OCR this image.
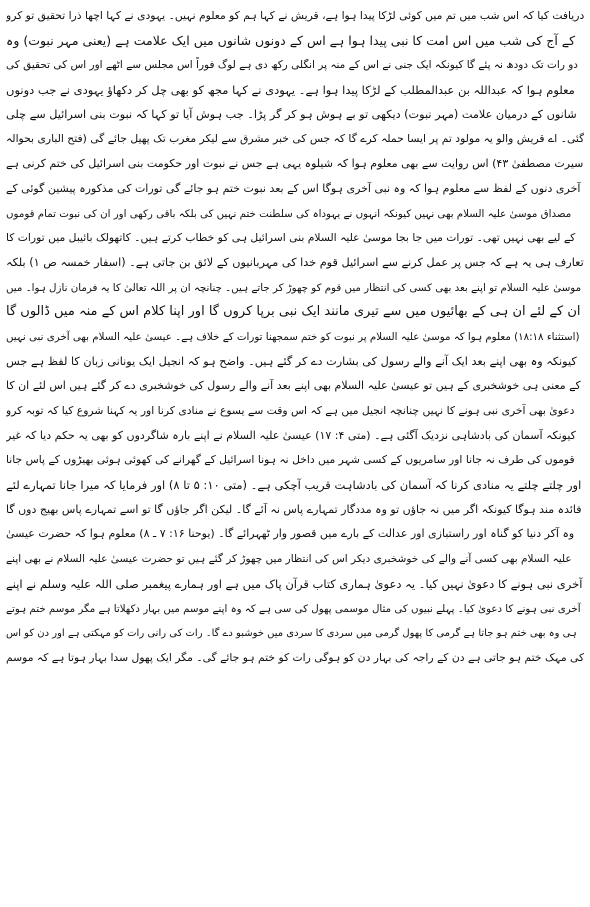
دریافت کیا کہ اس شب میں تم میں کوئی لڑکا پیدا ہوا ہے، قریش نے کہا ہم کو معلوم نہیں۔ یہودی نے کہا اچھا ذرا تحقیق تو کرو
کے آج کی شب میں اس امت کا نبی پیدا ہوا ہے اس کے دونوں شانوں میں ایک علامت ہے (یعنی مہر نبوت) وہ
دو رات تک دودھ نہ پئے گا کیونکہ ایک جنی نے اس کے منہ پر انگلی رکھ دی ہے لوگ فوراً اس مجلس سے اٹھے اور اس کی تحقیق کی
معلوم ہوا کہ عبداللہ بن عبدالمطلب کے لڑکا پیدا ہوا ہے۔ یہودی نے کہا مجھ کو بھی چل کر دکھاؤ یہودی نے جب دونوں
شانوں کے درمیان علامت (مہر نبوت) دیکھی تو بے ہوش ہو کر گر پڑا۔ جب ہوش آیا تو کہا کہ نبوت بنی اسرائیل سے چلی
گئی۔ اے قریش والو یہ مولود تم پر ایسا حملہ کرے گا کہ جس کی خبر مشرق سے لیکر مغرب تک پھیل جائے گی (فتح الباری بحوالہ
سیرت مصطفیٰ ۴۳) اس روایت سے بھی معلوم ہوا کہ شیلوہ یہی ہے جس نے نبوت اور حکومت بنی اسرائیل کی ختم کرنی ہے
آخری دنوں کے لفظ سے معلوم ہوا کہ وہ نبی آخری ہوگا اس کے بعد نبوت ختم ہو جائے گی تورات کی مذکورہ پیشین گوئی کے
مصداق موسیٰ علیہ السلام بھی نہیں کیونکہ انہوں نے یہوداہ کی سلطنت ختم نہیں کی بلکہ باقی رکھی اور ان کی نبوت تمام قوموں
کے لیے بھی نہیں تھی۔ تورات میں جا بجا موسیٰ علیہ السلام بنی اسرائیل ہی کو خطاب کرتے ہیں۔ کاتھولک بائیبل میں تورات کا
تعارف ہی یہ ہے کہ جس پر عمل کرنے سے اسرائیل قوم خدا کی مہربانیوں کے لائق بن جاتی ہے۔ (اسفار خمسہ ص ۱) بلکہ
موسیٰ علیہ السلام تو اپنے بعد بھی کسی کی انتظار میں قوم کو چھوڑ کر جاتے ہیں۔ چنانچہ ان پر اللہ تعالیٰ کا یہ فرمان نازل ہوا۔ میں
ان کے لئے ان ہی کے بھائیوں میں سے تیری مانند ایک نبی برپا کروں گا اور اپنا کلام اس کے منہ میں ڈالوں گا
(استثناء ۱۸:۱۸) معلوم ہوا کہ موسیٰ علیہ السلام پر نبوت کو ختم سمجھنا تورات کے خلاف ہے۔ عیسیٰ علیہ السلام بھی آخری نبی نہیں
کیونکہ وہ بھی اپنے بعد ایک آنے والے رسول کی بشارت دے کر گئے ہیں۔ واضح ہو کہ انجیل ایک یونانی زبان کا لفظ ہے جس
کے معنی ہی خوشخبری کے ہیں تو عیسیٰ علیہ السلام بھی اپنے بعد آنے والے رسول کی خوشخبری دے کر گئے ہیں اس لئے ان کا
دعویٰ بھی آخری نبی ہونے کا نہیں چنانچہ انجیل میں ہے کہ اس وقت سے یسوع نے منادی کرنا اور یہ کہنا شروع کیا کہ توبہ کرو
کیونکہ آسمان کی بادشاہی نزدیک آگئی ہے۔ (متی ۴: ۱۷) عیسیٰ علیہ السلام نے اپنے بارہ شاگردوں کو بھی یہ حکم دیا کہ غیر
قوموں کی طرف نہ جانا اور سامریوں کے کسی شہر میں داخل نہ ہونا اسرائیل کے گھرانے کی کھوئی ہوئی بھیڑوں کے پاس جانا
اور چلتے چلتے یہ منادی کرنا کہ آسمان کی بادشاہت قریب آچکی ہے۔ (متی ۱۰: ۵ تا ۸) اور فرمایا کہ میرا جانا تمہارے لئے
فائدہ مند ہوگا کیونکہ اگر میں نہ جاؤں تو وہ مددگار تمہارے پاس نہ آئے گا۔ لیکن اگر جاؤں گا تو اسے تمہارے پاس بھیج دوں گا
وہ آکر دنیا کو گناہ اور راستبازی اور عدالت کے بارے میں قصور وار ٹھہرائے گا۔ (یوحنا ۱۶: ۷ ـ ۸) معلوم ہوا کہ حضرت عیسیٰ
علیہ السلام بھی کسی آنے والے کی خوشخبری دیکر اس کی انتظار میں چھوڑ کر گئے ہیں تو حضرت عیسیٰ علیہ السلام نے بھی اپنے
آخری نبی ہونے کا دعویٰ نہیں کیا۔ یہ دعویٰ ہماری کتاب قرآن پاک میں ہے اور ہمارے پیغمبر صلی اللہ علیہ وسلم نے اپنے
آخری نبی ہونے کا دعویٰ کیا۔ پہلے نبیوں کی مثال موسمی پھول کی سی ہے کہ وہ اپنے موسم میں بہار دکھلاتا ہے مگر موسم ختم ہوتے
ہی وہ بھی ختم ہو جاتا ہے گرمی کا پھول گرمی میں سردی کا سردی میں خوشبو دے گا۔ رات کی رانی رات کو مہکتی ہے اور دن کو اس
کی مہک ختم ہو جاتی ہے دن کے راجہ کی بہار دن کو ہوگی رات کو ختم ہو جائے گی۔ مگر ایک پھول سدا بہار ہوتا ہے کہ موسم
